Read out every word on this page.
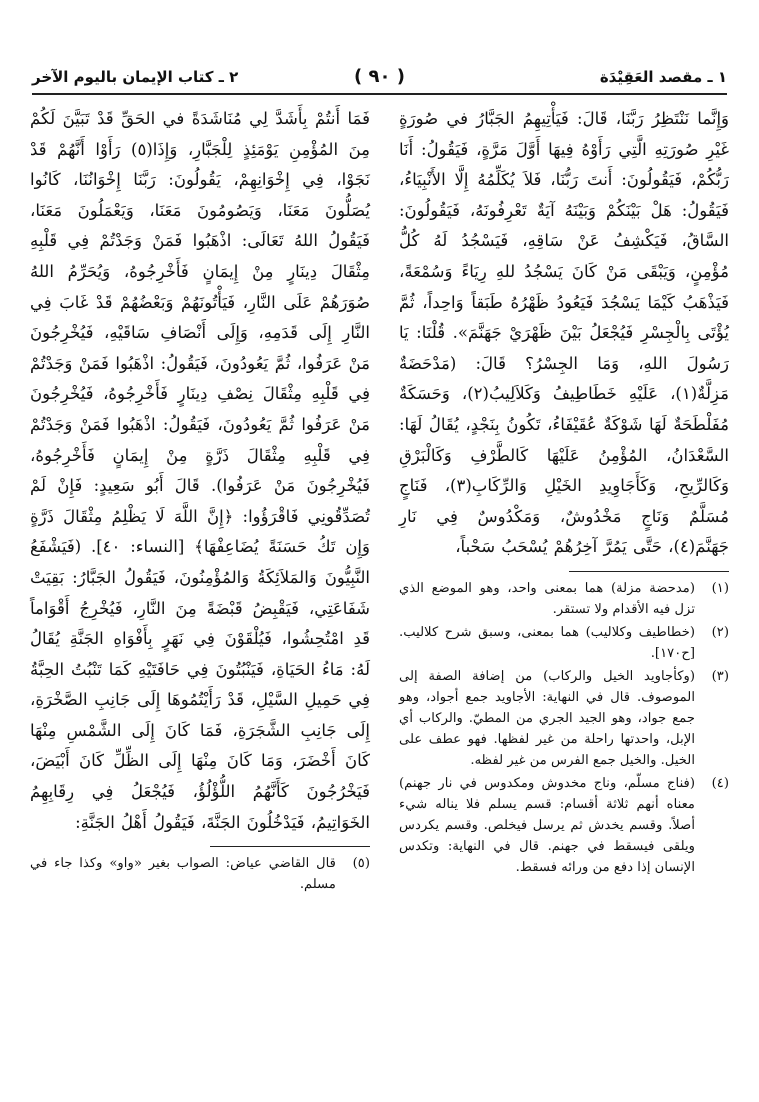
١ ـ مقصد العَقِيْدَة
( ٩٠ )
٢ ـ كتاب الإيمان باليوم الآخر

وَإِنَّما نَنْتَظِرُ رَبَّنَا، قَالَ: فَيَأْتِيهِمُ الجَبَّارُ في صُورَةٍ غَيْرِ صُورَتِهِ الَّتِي رَأَوْهُ فِيهَا أَوَّلَ مَرَّةٍ، فَيَقُولُ: أَنَا رَبُّكُمْ، فَيَقُولُونَ: أَنتَ رَبُّنَا، فَلاَ يُكَلِّمُهُ إِلَّا الأَنْبِيَاءُ، فَيَقُولُ: هَلْ بَيْنَكُمْ وَبَيْنَهُ آيَةٌ تَعْرِفُونَهُ، فَيَقُولُونَ: السَّاقُ، فَيَكْشِفُ عَنْ سَاقِهِ، فَيَسْجُدُ لَهُ كُلُّ مُؤْمِنٍ، وَيَبْقَى مَنْ كَانَ يَسْجُدُ للهِ رِيَاءً وَسُمْعَةً، فَيَذْهَبُ كَيْمَا يَسْجُدَ فَيَعُودُ ظَهْرُهُ طَبَقاً وَاحِداً، ثُمَّ يُؤْتَى بِالْجِسْرِ فَيُجْعَلُ بَيْنَ ظَهْرَيْ جَهَنَّمَ». قُلْنَا: يَا رَسُولَ اللهِ، وَمَا الجِسْرُ؟ قَالَ: (مَدْحَضَةٌ مَزِلَّةٌ(١)، عَلَيْهِ خَطَاطِيفُ وَكَلاَلِيبُ(٢)، وَحَسَكَةٌ مُفَلْطَحَةٌ لَهَا شَوْكَةٌ عُقَيْفَاءُ، تَكُونُ بِنَجْدٍ، يُقَالُ لَهَا: السَّعْدَانُ، المُؤْمِنُ عَلَيْهَا كَالطَّرْفِ وَكَالْبَرْقِ وَكَالرِّيحِ، وَكَأَجَاوِيدِ الخَيْلِ وَالرِّكَابِ(٣)، فَنَاجٍ مُسَلَّمٌ وَنَاجٍ مَخْدُوشٌ، وَمَكْدُوسٌ فِي نَارِ جَهَنَّمَ(٤)، حَتَّى يَمُرَّ آخِرُهُمْ يُسْحَبُ سَحْباً،

(١)
(مدحضة مزلة) هما بمعنى واحد، وهو الموضع الذي تزل فيه الأقدام ولا تستقر.
(٢)
(خطاطيف وكلاليب) هما بمعنى، وسبق شرح كلاليب. [ح١٧٠].
(٣)
(وكأجاويد الخيل والركاب) من إضافة الصفة إلى الموصوف. قال في النهاية: الأجاويد جمع أجواد، وهو جمع جواد، وهو الجيد الجري من المطيّ. والركاب أي الإبل، واحدتها راحلة من غير لفظها. فهو عطف على الخيل. والخيل جمع الفرس من غير لفظه.
(٤)
(فناج مسلّم، وناج مخدوش ومكدوس في نار جهنم) معناه أنهم ثلاثة أقسام: قسم يسلم فلا يناله شيء أصلاً. وقسم يخدش ثم يرسل فيخلص. وقسم يكردس ويلقى فيسقط في جهنم. قال في النهاية: وتكدس الإنسان إذا دفع من ورائه فسقط.

فَمَا أَنتُمْ بِأَشَدَّ لِي مُنَاشَدَةً في الحَقِّ قَدْ تَبَيَّنَ لَكُمْ مِنَ المُؤْمِنِ يَوْمَئِذٍ لِلْجَبَّارِ، وَإِذَا(٥) رَأَوْا أَنَّهُمْ قَدْ نَجَوْا، فِي إِخْوَانِهِمْ، يَقُولُونَ: رَبَّنَا إِخْوَانُنَا، كَانُوا يُصَلُّونَ مَعَنَا، وَيَصُومُونَ مَعَنَا، وَيَعْمَلُونَ مَعَنَا، فَيَقُولُ اللهُ تَعَالَى: اذْهَبُوا فَمَنْ وَجَدْتُمْ فِي قَلْبِهِ مِثْقَالَ دِينَارٍ مِنْ إِيمَانٍ فَأَخْرِجُوهُ، وَيُحَرِّمُ اللهُ صُوَرَهُمْ عَلَى النَّارِ، فَيَأْتُونَهُمْ وَبَعْضُهُمْ قَدْ غَابَ فِي النَّارِ إِلَى قَدَمِهِ، وَإِلَى أَنْصَافِ سَاقَيْهِ، فَيُخْرِجُونَ مَنْ عَرَفُوا، ثُمَّ يَعُودُونَ، فَيَقُولُ: اذْهَبُوا فَمَنْ وَجَدْتُمْ فِي قَلْبِهِ مِثْقَالَ نِصْفِ دِينَارٍ فَأَخْرِجُوهُ، فَيُخْرِجُونَ مَنْ عَرَفُوا ثُمَّ يَعُودُونَ، فَيَقُولُ: اذْهَبُوا فَمَنْ وَجَدْتُمْ فِي قَلْبِهِ مِثْقَالَ ذَرَّةٍ مِنْ إِيمَانٍ فَأَخْرِجُوهُ، فَيُخْرِجُونَ مَنْ عَرَفُوا). قَالَ أَبُو سَعِيدٍ: فَإِنْ لَمْ تُصَدِّقُونِي فَاقْرَؤُوا: ﴿إِنَّ اللَّهَ لَا يَظْلِمُ مِثْقَالَ ذَرَّةٍ وَإِن تَكُ حَسَنَةً يُضَاعِفْهَا﴾ [النساء: ٤٠]. (فَيَشْفَعُ النَّبِيُّونَ وَالمَلاَئِكَةُ وَالمُؤْمِنُونَ، فَيَقُولُ الجَبَّارُ: بَقِيَتْ شَفَاعَتِي، فَيَقْبِضُ قَبْضَةً مِنَ النَّارِ، فَيُخْرِجُ أَقْوَاماً قَدِ امْتُحِشُوا، فَيُلْقَوْنَ فِي نَهَرٍ بِأَفْوَاهِ الجَنَّةِ يُقَالُ لَهُ: مَاءُ الحَيَاةِ، فَيَنْبُتُونَ فِي حَافَتَيْهِ كَمَا تَنْبُتُ الحِبَّةُ فِي حَمِيلِ السَّيْلِ، قَدْ رَأَيْتُمُوهَا إِلَى جَانِبِ الصَّخْرَةِ، إِلَى جَانِبِ الشَّجَرَةِ، فَمَا كَانَ إِلَى الشَّمْسِ مِنْهَا كَانَ أَخْضَرَ، وَمَا كَانَ مِنْهَا إِلَى الظِّلِّ كَانَ أَبْيَضَ، فَيَخْرُجُونَ كَأَنَّهُمُ اللُّؤْلُؤُ، فَيُجْعَلُ فِي رِقَابِهِمُ الخَوَاتِيمُ، فَيَدْخُلُونَ الجَنَّةَ، فَيَقُولُ أَهْلُ الجَنَّةِ:

(٥)
قال القاضي عياض: الصواب بغير «واو» وكذا جاء في مسلم.
